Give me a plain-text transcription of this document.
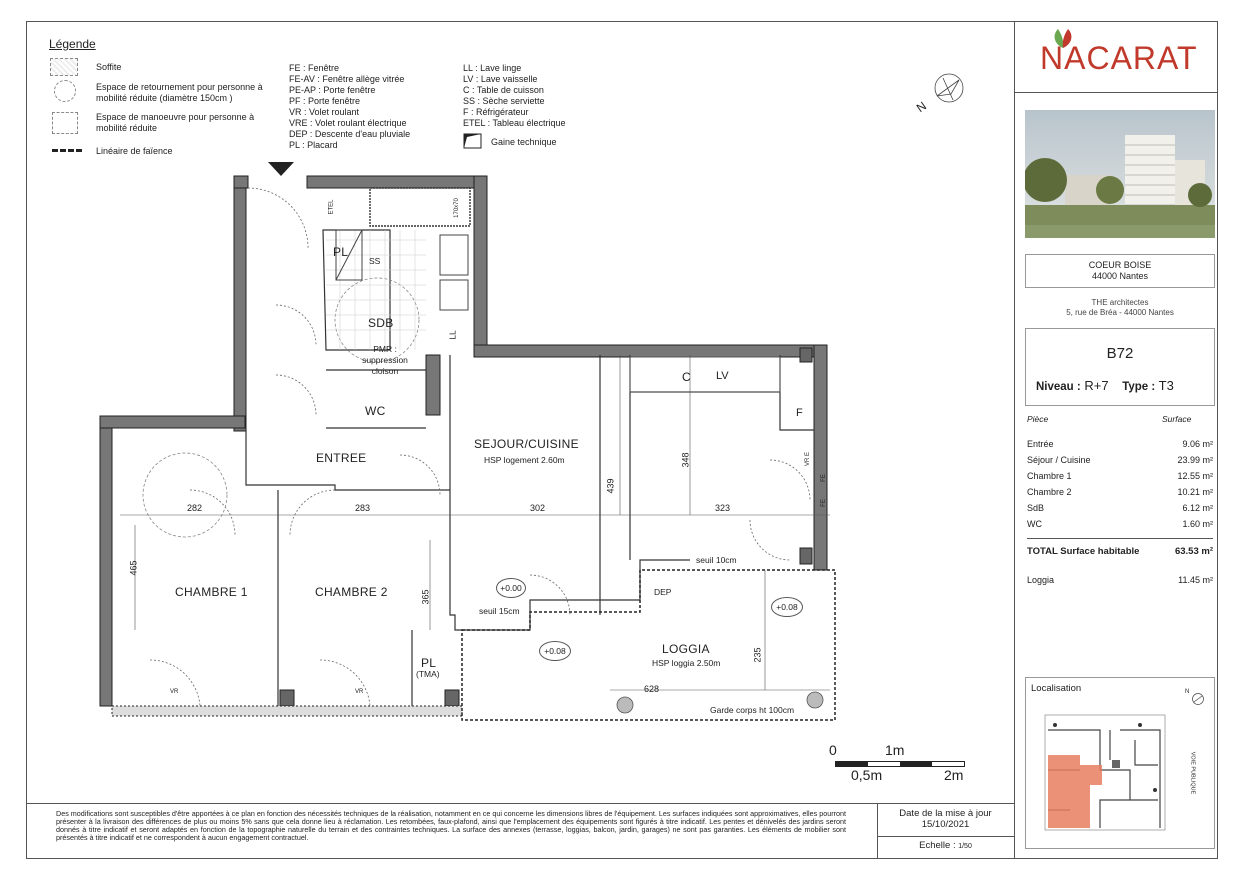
Légende
Soffite
Espace de retournement pour personne à mobilité réduite (diamètre 150cm )
Espace de manoeuvre pour personne à mobilité réduite
Linéaire de faïence
FE : Fenêtre
FE-AV : Fenêtre allège vitrée
PE-AP : Porte fenêtre
PF : Porte fenêtre
VR : Volet roulant
VRE : Volet roulant électrique
DEP : Descente d'eau pluviale
PL : Placard
LL : Lave linge
LV : Lave vaisselle
C : Table de cuisson
SS : Sèche serviette
F : Réfrigérateur
ETEL : Tableau électrique
Gaine technique
N
PL
SS
LL
SDB
PMR :
suppression
cloison
WC
ENTREE
SEJOUR/CUISINE
HSP logement 2.60m
C LV
F
CHAMBRE 1	CHAMBRE 2
PL
(TMA)
LOGGIA
HSP loggia 2.50m
DEP
seuil 10cm
seuil 15cm
+0.00
+0.08
+0.08
Garde corps ht 100cm
ETEL	170x70
VR E
VR	VR
FE
FE
282	283	302	323
439
348
465
365
235
628
0	1m
0,5m	2m
Des modifications sont susceptibles d'être apportées à ce plan en fonction des nécessités techniques de la réalisation, notamment en ce qui concerne les dimensions libres de l'équipement. Les surfaces indiquées sont approximatives, elles pourront présenter à la livraison des différences de plus ou moins 5% sans que cela donne lieu à réclamation. Les retombées, faux-plafond, ainsi que l'emplacement des équipements sont figurés à titre indicatif. Les pentes et dénivelés des jardins seront donnés à titre indicatif et seront adaptés en fonction de la topographie naturelle du terrain et des contraintes techniques. La surface des annexes (terrasse, loggias, balcon, jardin, garages) ne sont pas garanties. Les éléments de mobilier sont présentés à titre indicatif et ne correspondent à aucun engagement contractuel.
Date de la mise à jour
15/10/2021
Echelle : 1/50
NACARAT
COEUR BOISE
44000 Nantes
THE architectes
5, rue de Bréa - 44000 Nantes
B72
Niveau : R+7 Type : T3
Pièce	Surface
Entrée	9.06 m²
Séjour / Cuisine	23.99 m²
Chambre 1	12.55 m²
Chambre 2	10.21 m²
SdB	6.12 m²
WC	1.60 m²
TOTAL Surface habitable	63.53 m²
Loggia	11.45 m²
Localisation	N
VOIE PUBLIQUE
